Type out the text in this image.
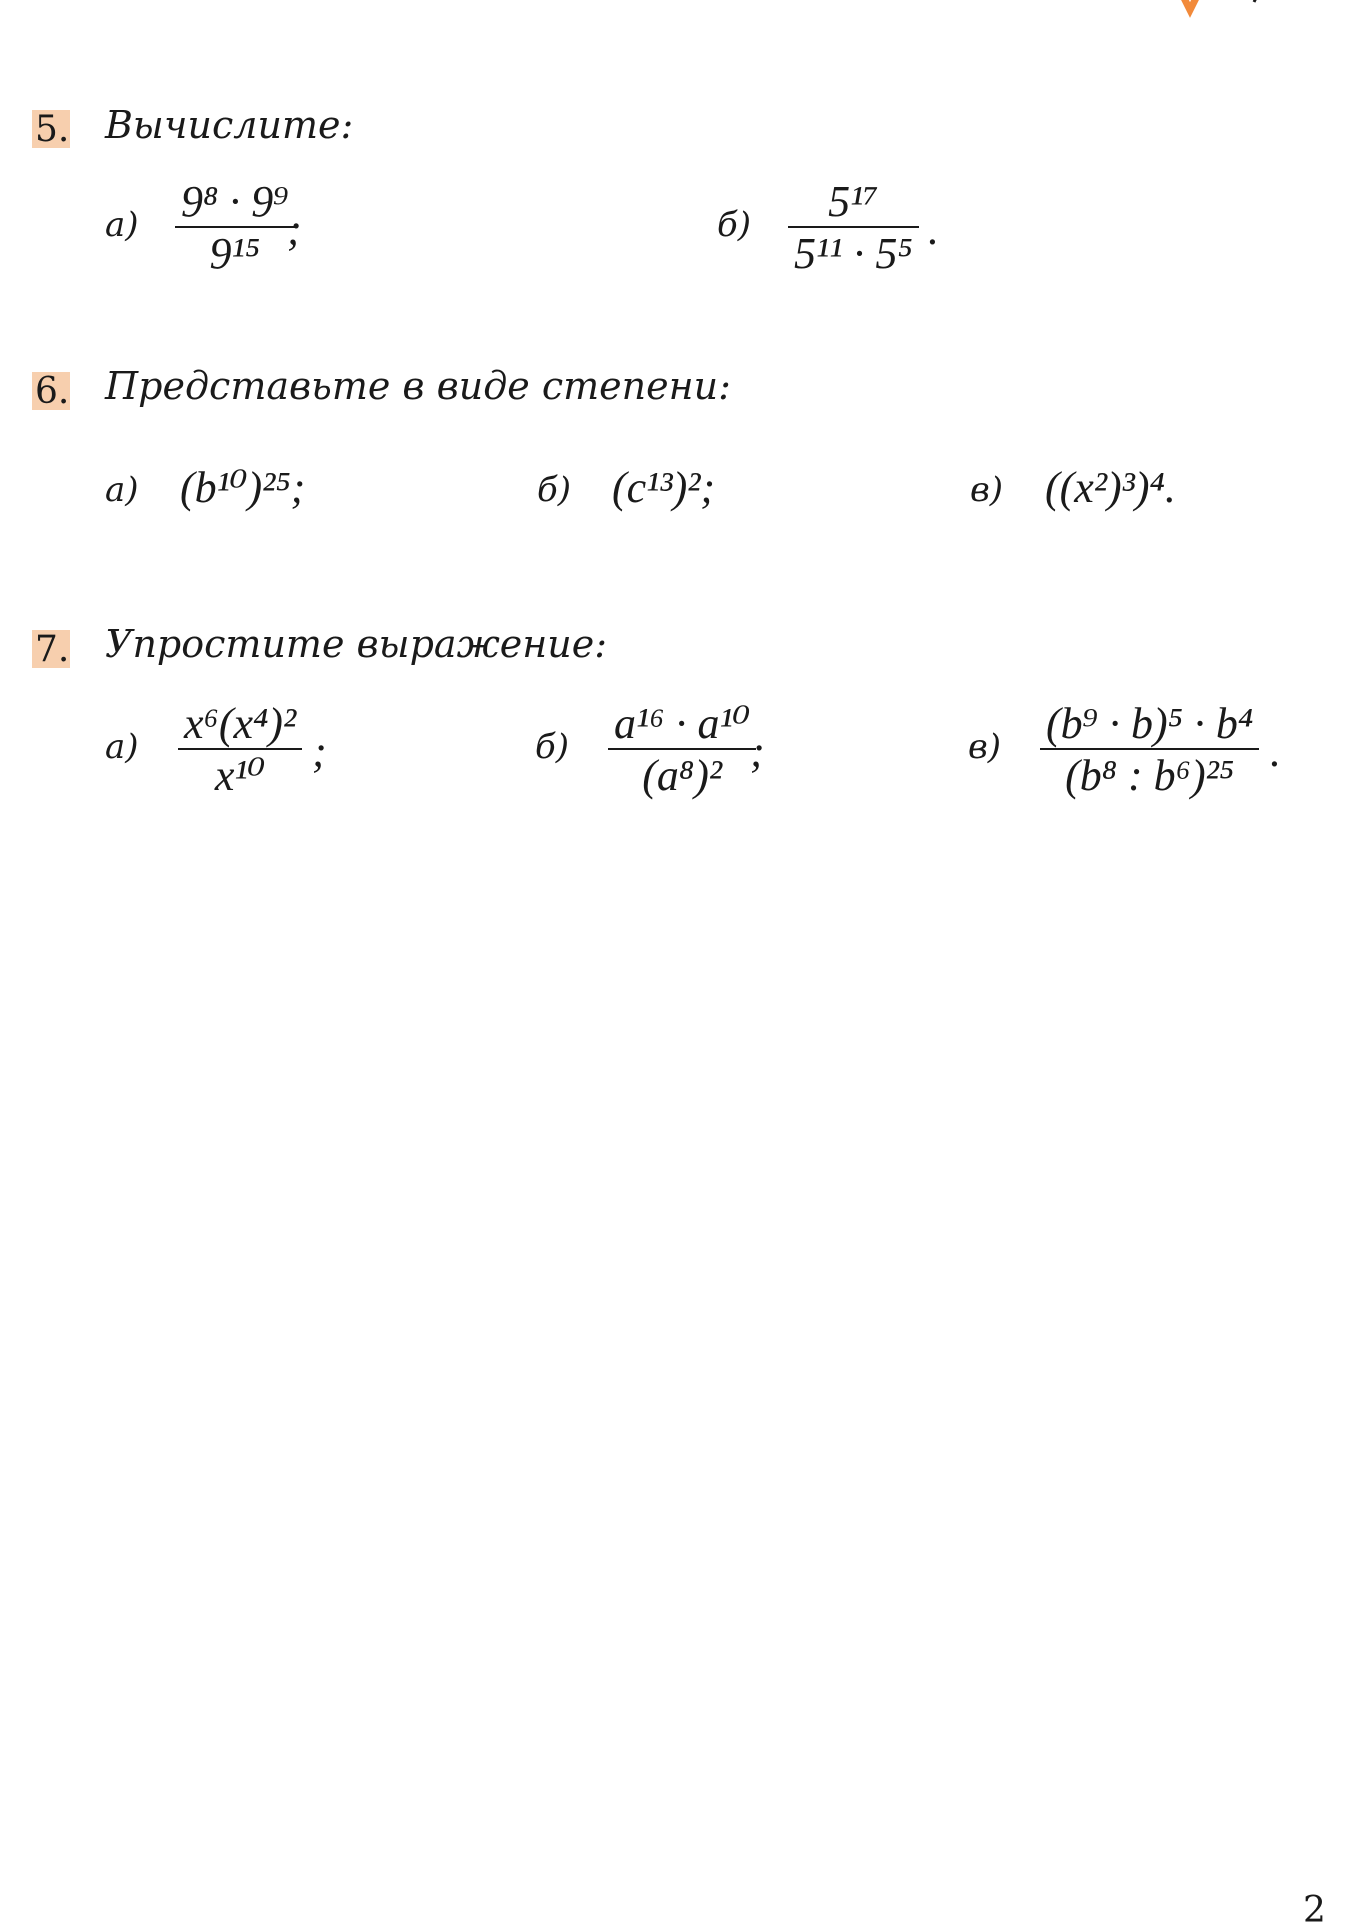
5. Вычислите:
а) 9⁸ · 9⁹
9¹⁵ ;	б) 5¹⁷
5¹¹ · 5⁵ .
6. Представьте в виде степени:
а) (b¹⁰)²⁵;	б) (c¹³)²;	в) ((x²)³)⁴.
7. Упростите выражение:
а) x⁶(x⁴)²
x¹⁰ ;	б) a¹⁶ · a¹⁰
(a⁸)² ;	в) (b⁹ · b)⁵ · b⁴
(b⁸ : b⁶)²⁵ .
2
